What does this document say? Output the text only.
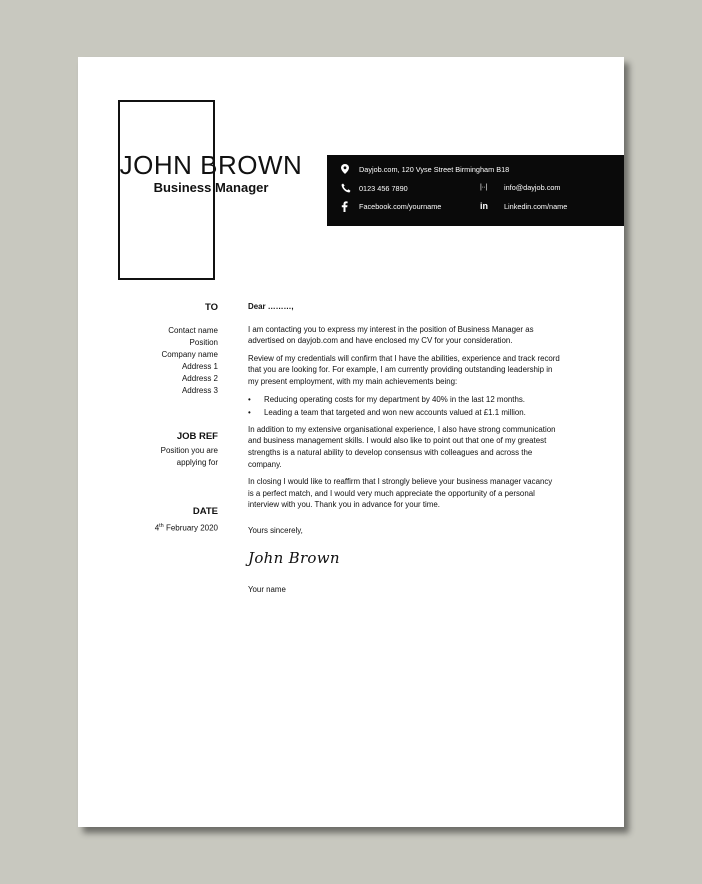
JOHN BROWN
Business Manager
Dayjob.com, 120 Vyse Street Birmingham B18
0123 456 7890	|∙∙|	info@dayjob.com
Facebook.com/yourname	in	Linkedin.com/name
TO
Contact name
Position
Company name
Address 1
Address 2
Address 3
JOB REF
Position you are
applying for
DATE
4th February 2020

Dear ………,

I am contacting you to express my interest in the position of Business Manager as advertised on dayjob.com and have enclosed my CV for your consideration.

Review of my credentials will confirm that I have the abilities, experience and track record that you are looking for. For example, I am currently providing outstanding leadership in my present employment, with my main achievements being:

• Reducing operating costs for my department by 40% in the last 12 months.
• Leading a team that targeted and won new accounts valued at £1.1 million.

In addition to my extensive organisational experience, I also have strong communication and business management skills. I would also like to point out that one of my greatest strengths is a natural ability to develop consensus with colleagues and across the company.

In closing I would like to reaffirm that I strongly believe your business manager vacancy is a perfect match, and I would very much appreciate the opportunity of a personal interview with you. Thank you in advance for your time.

Yours sincerely,

John Brown

Your name
